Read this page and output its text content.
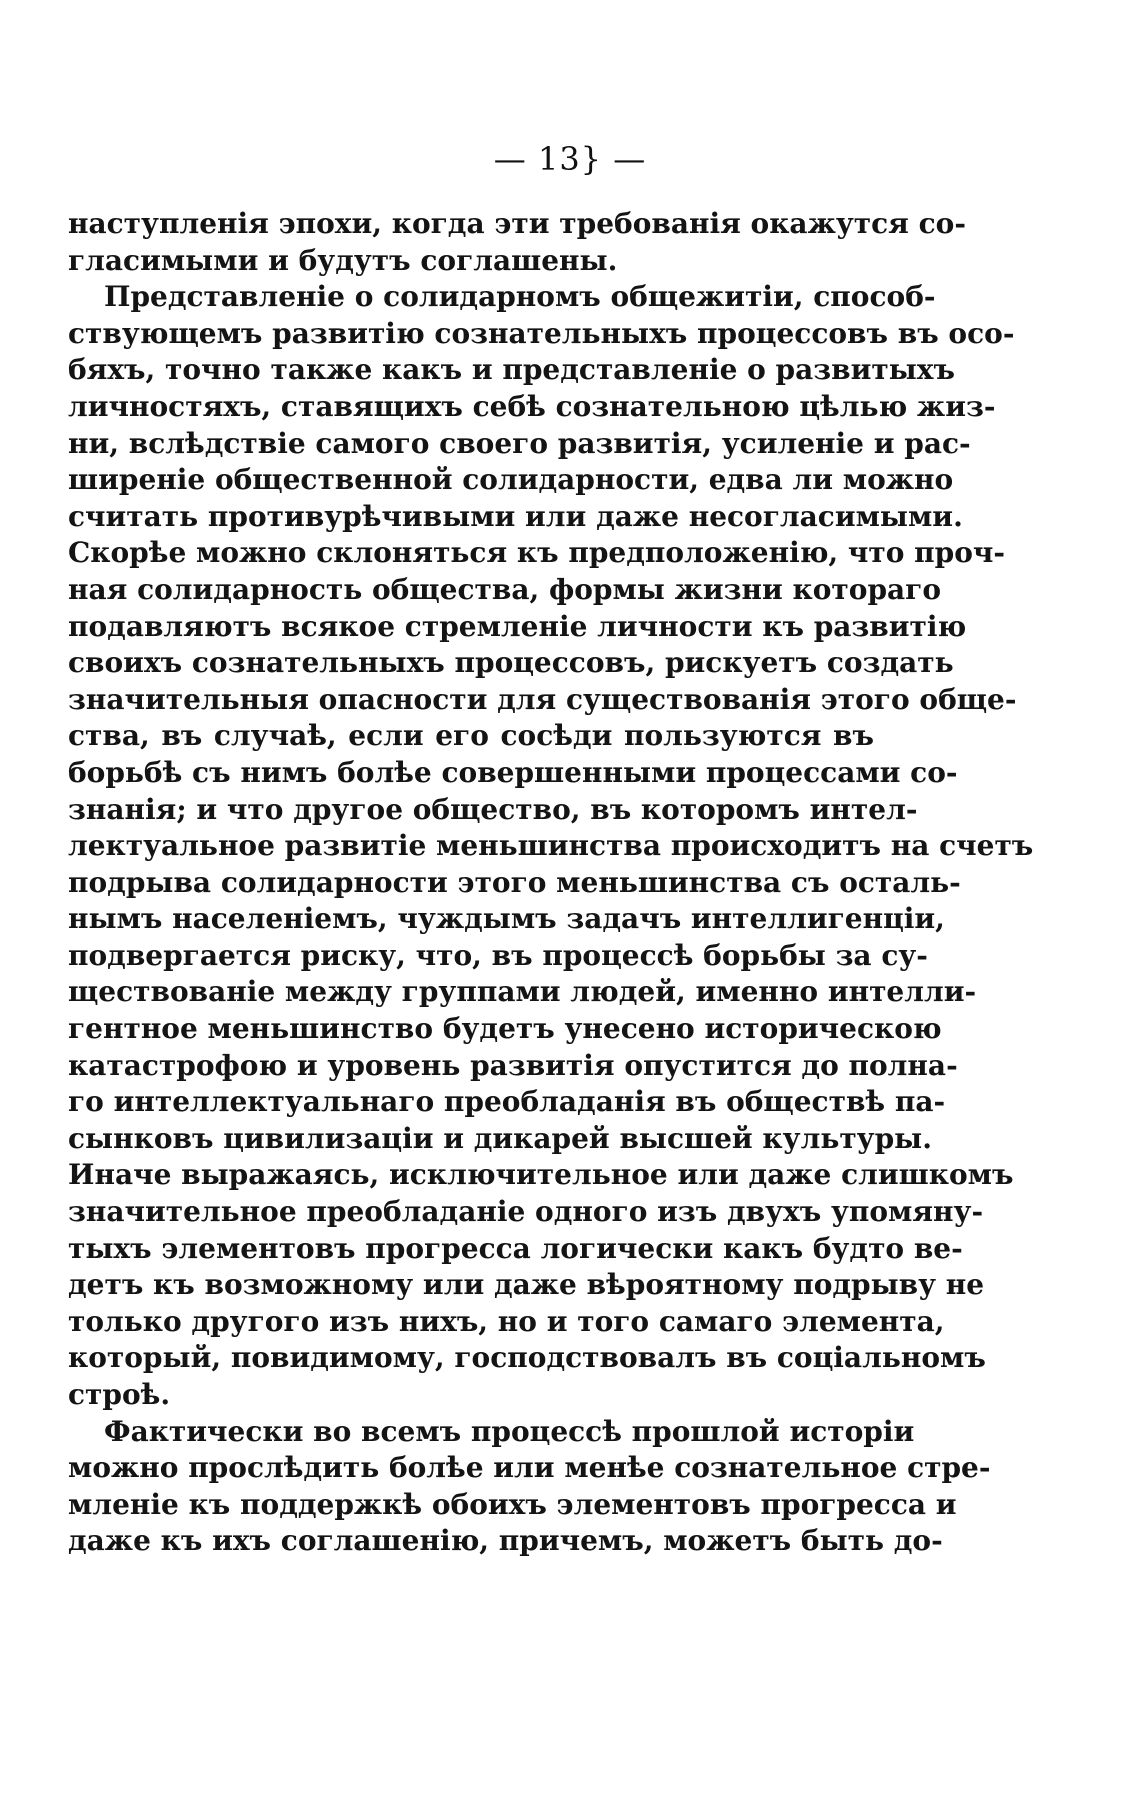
— 13} —
наступленія эпохи, когда эти требованія окажутся со-
гласимыми и будутъ соглашены.
Представленіе о солидарномъ общежитіи, способ-
ствующемъ развитію сознательныхъ процессовъ въ осо-
бяхъ, точно также какъ и представленіе о развитыхъ
личностяхъ, ставящихъ себѣ сознательною цѣлью жиз-
ни, вслѣдствіе самого своего развитія, усиленіе и рас-
ширеніе общественной солидарности, едва ли можно
считать противурѣчивыми или даже несогласимыми.
Скорѣе можно склоняться къ предположенію, что проч-
ная солидарность общества, формы жизни котораго
подавляютъ всякое стремленіе личности къ развитію
своихъ сознательныхъ процессовъ, рискуетъ создать
значительныя опасности для существованія этого обще-
ства, въ случаѣ, если его сосѣди пользуются въ
борьбѣ съ нимъ болѣе совершенными процессами со-
знанія; и что другое общество, въ которомъ интел-
лектуальное развитіе меньшинства происходитъ на счетъ
подрыва солидарности этого меньшинства съ осталь-
нымъ населеніемъ, чуждымъ задачъ интеллигенціи,
подвергается риску, что, въ процессѣ борьбы за су-
ществованіе между группами людей, именно интелли-
гентное меньшинство будетъ унесено историческою
катастрофою и уровень развитія опустится до полна-
го интеллектуальнаго преобладанія въ обществѣ па-
сынковъ цивилизаціи и дикарей высшей культуры.
Иначе выражаясь, исключительное или даже слишкомъ
значительное преобладаніе одного изъ двухъ упомяну-
тыхъ элементовъ прогресса логически какъ будто ве-
детъ къ возможному или даже вѣроятному подрыву не
только другого изъ нихъ, но и того самаго элемента,
который, повидимому, господствовалъ въ соціальномъ
строѣ.
Фактически во всемъ процессѣ прошлой исторіи
можно прослѣдить болѣе или менѣе сознательное стре-
мленіе къ поддержкѣ обоихъ элементовъ прогресса и
даже къ ихъ соглашенію, причемъ, можетъ быть до-
